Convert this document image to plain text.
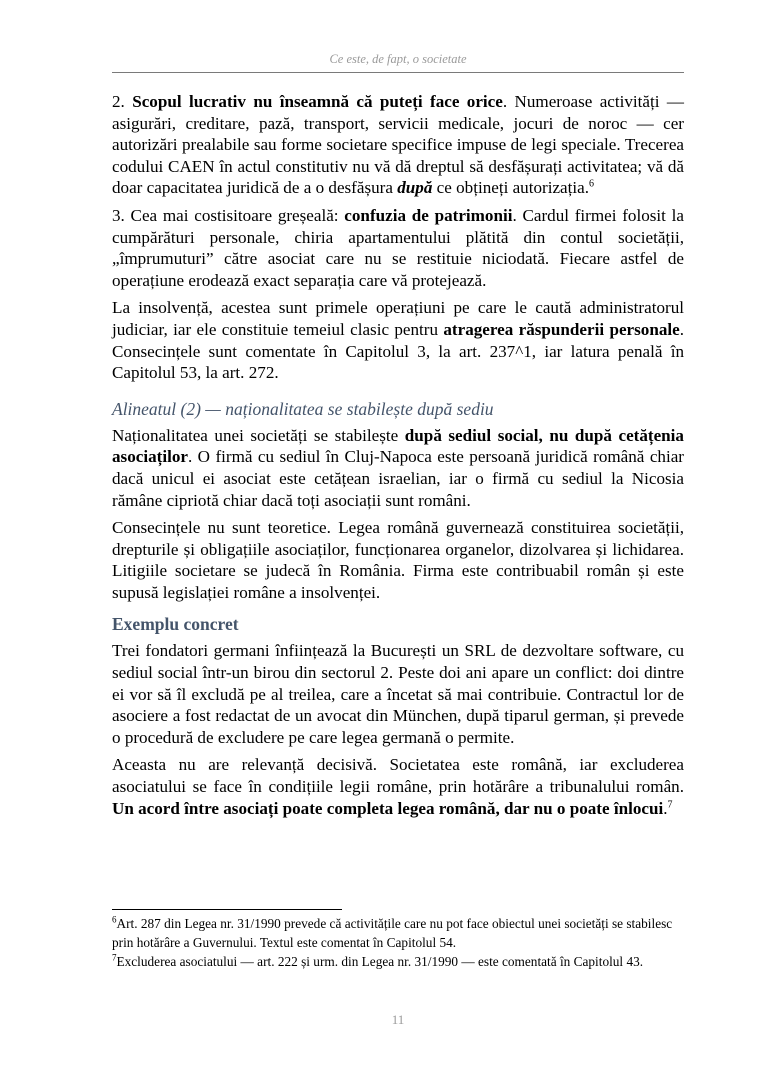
Ce este, de fapt, o societate

2. Scopul lucrativ nu înseamnă că puteți face orice. Numeroase activități — asigurări, creditare, pază, transport, servicii medicale, jocuri de noroc — cer autorizări prealabile sau forme societare specifice impuse de legi speciale. Trecerea codului CAEN în actul constitutiv nu vă dă dreptul să desfășurați activitatea; vă dă doar capacitatea juridică de a o desfășura după ce obțineți autorizația.$^6$

3. Cea mai costisitoare greșeală: confuzia de patrimonii. Cardul firmei folosit la cumpărături personale, chiria apartamentului plătită din contul societății, „împrumuturi” către asociat care nu se restituie niciodată. Fiecare astfel de operațiune erodează exact separația care vă protejează.

La insolvență, acestea sunt primele operațiuni pe care le caută administratorul judiciar, iar ele constituie temeiul clasic pentru atragerea răspunderii personale. Consecințele sunt comentate în Capitolul 3, la art. 237^1, iar latura penală în Capitolul 53, la art. 272.

Alineatul (2) — naționalitatea se stabilește după sediu

Naționalitatea unei societăți se stabilește după sediul social, nu după cetățenia asociaților. O firmă cu sediul în Cluj-Napoca este persoană juridică română chiar dacă unicul ei asociat este cetățean israelian, iar o firmă cu sediul la Nicosia rămâne cipriotă chiar dacă toți asociații sunt români.

Consecințele nu sunt teoretice. Legea română guvernează constituirea societății, drepturile și obligațiile asociaților, funcționarea organelor, dizolvarea și lichidarea. Litigiile societare se judecă în România. Firma este contribuabil român și este supusă legislației române a insolvenței.

Exemplu concret

Trei fondatori germani înființează la București un SRL de dezvoltare software, cu sediul social într-un birou din sectorul 2. Peste doi ani apare un conflict: doi dintre ei vor să îl excludă pe al treilea, care a încetat să mai contribuie. Contractul lor de asociere a fost redactat de un avocat din München, după tiparul german, și prevede o procedură de excludere pe care legea germană o permite.

Aceasta nu are relevanță decisivă. Societatea este română, iar excluderea asociatului se face în condițiile legii române, prin hotărâre a tribunalului român. Un acord între asociați poate completa legea română, dar nu o poate înlocui.$^7$

$^6$Art. 287 din Legea nr. 31/1990 prevede că activitățile care nu pot face obiectul unei societăți se stabilesc prin hotărâre a Guvernului. Textul este comentat în Capitolul 54.

$^7$Excluderea asociatului — art. 222 și urm. din Legea nr. 31/1990 — este comentată în Capitolul 43.

11
